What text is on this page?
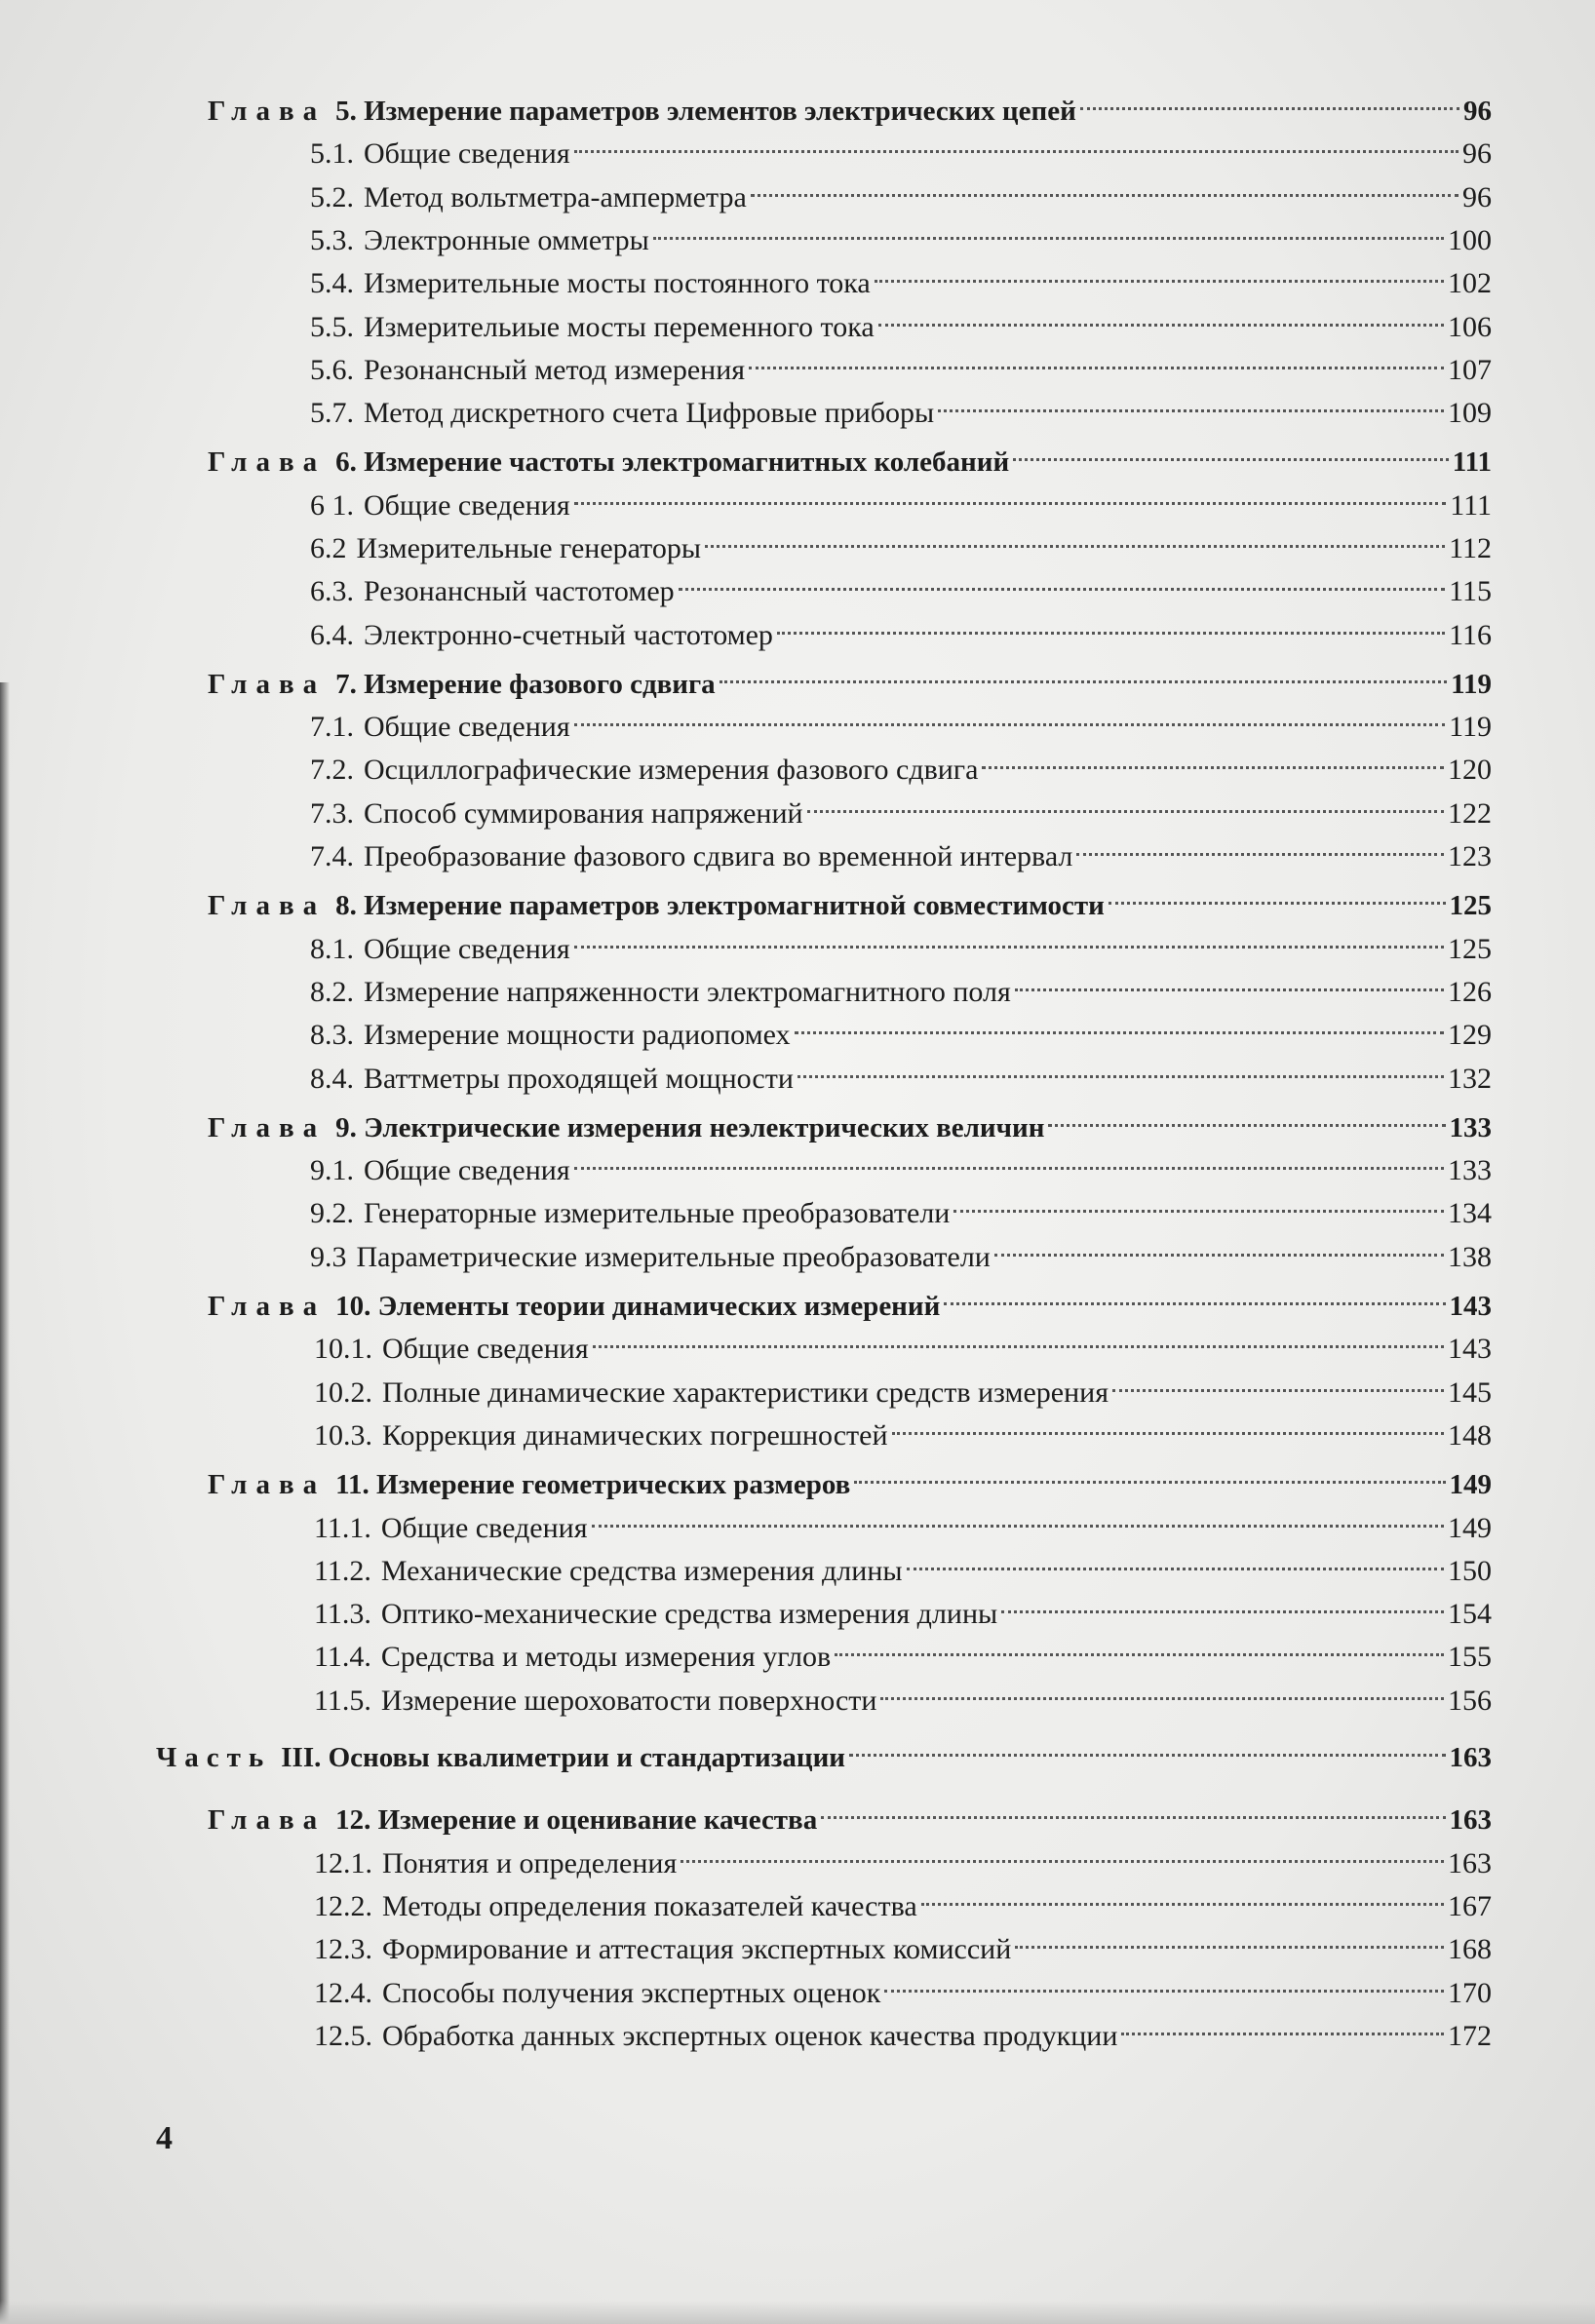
Глава 5. Измерение параметров элементов электрических цепей	96
5.1. Общие сведения	96
5.2. Метод вольтметра-амперметра	96
5.3. Электронные омметры	100
5.4. Измерительные мосты постоянного тока	102
5.5. Измерительиые мосты переменного тока	106
5.6. Резонансный метод измерения	107
5.7. Метод дискретного счета Цифровые приборы	109
Глава 6. Измерение частоты электромагнитных колебаний	111
6 1. Общие сведения	111
6.2 Измерительные генераторы	112
6.3. Резонансный частотомер	115
6.4. Электронно-счетный частотомер	116
Глава 7. Измерение фазового сдвига	119
7.1. Общие сведения	119
7.2. Осциллографические измерения фазового сдвига	120
7.3. Способ суммирования напряжений	122
7.4. Преобразование фазового сдвига во временной интервал	123
Глава 8. Измерение параметров электромагнитной совместимости	125
8.1. Общие сведения	125
8.2. Измерение напряженности электромагнитного поля	126
8.3. Измерение мощности радиопомех	129
8.4. Ваттметры проходящей мощности	132
Глава 9. Электрические измерения неэлектрических величин	133
9.1. Общие сведения	133
9.2. Генераторные измерительные преобразователи	134
9.3 Параметрические измерительные преобразователи	138
Глава 10. Элементы теории динамических измерений	143
10.1. Общие сведения	143
10.2. Полные динамические характеристики средств измерения	145
10.3. Коррекция динамических погрешностей	148
Глава 11. Измерение геометрических размеров	149
11.1. Общие сведения	149
11.2. Механические средства измерения длины	150
11.3. Оптико-механические средства измерения длины	154
11.4. Средства и методы измерения углов	155
11.5. Измерение шероховатости поверхности	156
Часть III. Основы квалиметрии и стандартизации	163
Глава 12. Измерение и оценивание качества	163
12.1. Понятия и определения	163
12.2. Методы определения показателей качества	167
12.3. Формирование и аттестация экспертных комиссий	168
12.4. Способы получения экспертных оценок	170
12.5. Обработка данных экспертных оценок качества продукции	172
4
